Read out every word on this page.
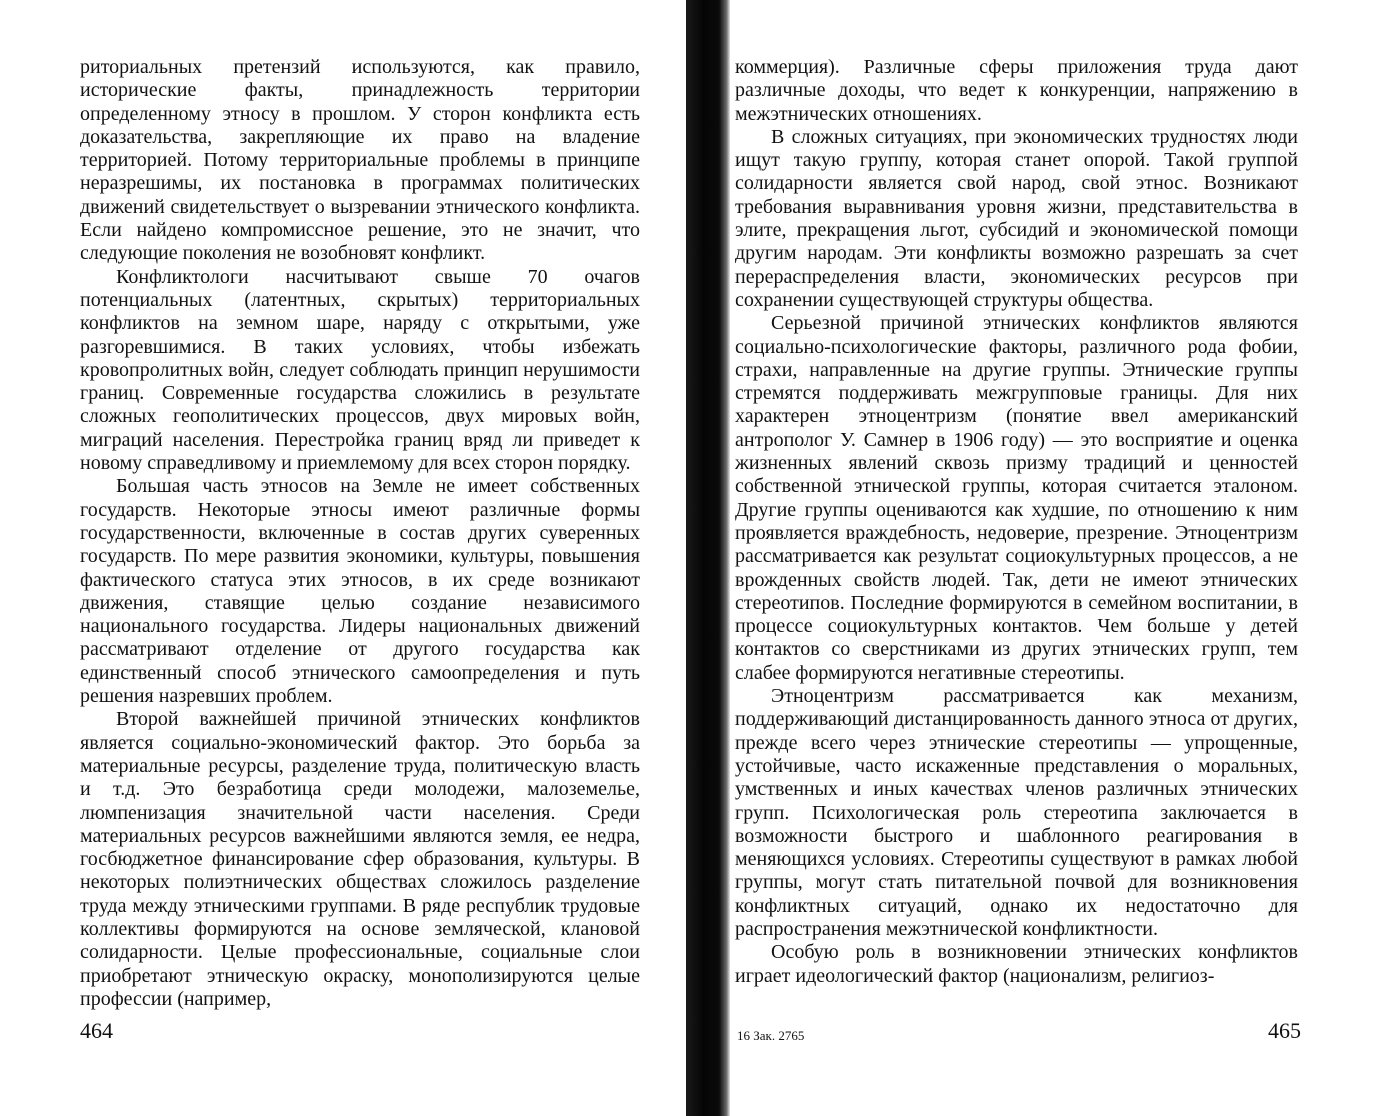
риториальных претензий используются, как правило, исторические факты, принадлежность территории определенному этносу в прошлом. У сторон конфликта есть доказательства, закрепляющие их право на владение территорией. Потому территориальные проблемы в принципе неразрешимы, их постановка в программах политических движений свидетельствует о вызревании этнического конфликта. Если найдено компромиссное решение, это не значит, что следующие поколения не возобновят конфликт.

Конфликтологи насчитывают свыше 70 очагов потенциальных (латентных, скрытых) территориальных конфликтов на земном шаре, наряду с открытыми, уже разгоревшимися. В таких условиях, чтобы избежать кровопролитных войн, следует соблюдать принцип нерушимости границ. Современные государства сложились в результате сложных геополитических процессов, двух мировых войн, миграций населения. Перестройка границ вряд ли приведет к новому справедливому и приемлемому для всех сторон порядку.

Большая часть этносов на Земле не имеет собственных государств. Некоторые этносы имеют различные формы государственности, включенные в состав других суверенных государств. По мере развития экономики, культуры, повышения фактического статуса этих этносов, в их среде возникают движения, ставящие целью создание независимого национального государства. Лидеры национальных движений рассматривают отделение от другого государства как единственный способ этнического самоопределения и путь решения назревших проблем.

Второй важнейшей причиной этнических конфликтов является социально-экономический фактор. Это борьба за материальные ресурсы, разделение труда, политическую власть и т.д. Это безработица среди молодежи, малоземелье, люмпенизация значительной части населения. Среди материальных ресурсов важнейшими являются земля, ее недра, госбюджетное финансирование сфер образования, культуры. В некоторых полиэтнических обществах сложилось разделение труда между этническими группами. В ряде республик трудовые коллективы формируются на основе земляческой, клановой солидарности. Целые профессиональные, социальные слои приобретают этническую окраску, монополизируются целые профессии (например,

464

коммерция). Различные сферы приложения труда дают различные доходы, что ведет к конкуренции, напряжению в межэтнических отношениях.

В сложных ситуациях, при экономических трудностях люди ищут такую группу, которая станет опорой. Такой группой солидарности является свой народ, свой этнос. Возникают требования выравнивания уровня жизни, представительства в элите, прекращения льгот, субсидий и экономической помощи другим народам. Эти конфликты возможно разрешать за счет перераспределения власти, экономических ресурсов при сохранении существующей структуры общества.

Серьезной причиной этнических конфликтов являются социально-психологические факторы, различного рода фобии, страхи, направленные на другие группы. Этнические группы стремятся поддерживать межгрупповые границы. Для них характерен этноцентризм (понятие ввел американский антрополог У. Самнер в 1906 году) — это восприятие и оценка жизненных явлений сквозь призму традиций и ценностей собственной этнической группы, которая считается эталоном. Другие группы оцениваются как худшие, по отношению к ним проявляется враждебность, недоверие, презрение. Этноцентризм рассматривается как результат социокультурных процессов, а не врожденных свойств людей. Так, дети не имеют этнических стереотипов. Последние формируются в семейном воспитании, в процессе социокультурных контактов. Чем больше у детей контактов со сверстниками из других этнических групп, тем слабее формируются негативные стереотипы.

Этноцентризм рассматривается как механизм, поддерживающий дистанцированность данного этноса от других, прежде всего через этнические стереотипы — упрощенные, устойчивые, часто искаженные представления о моральных, умственных и иных качествах членов различных этнических групп. Психологическая роль стереотипа заключается в возможности быстрого и шаблонного реагирования в меняющихся условиях. Стереотипы существуют в рамках любой группы, могут стать питательной почвой для возникновения конфликтных ситуаций, однако их недостаточно для распространения межэтнической конфликтности.

Особую роль в возникновении этнических конфликтов играет идеологический фактор (национализм, религиоз-

16 Зак. 2765	465
